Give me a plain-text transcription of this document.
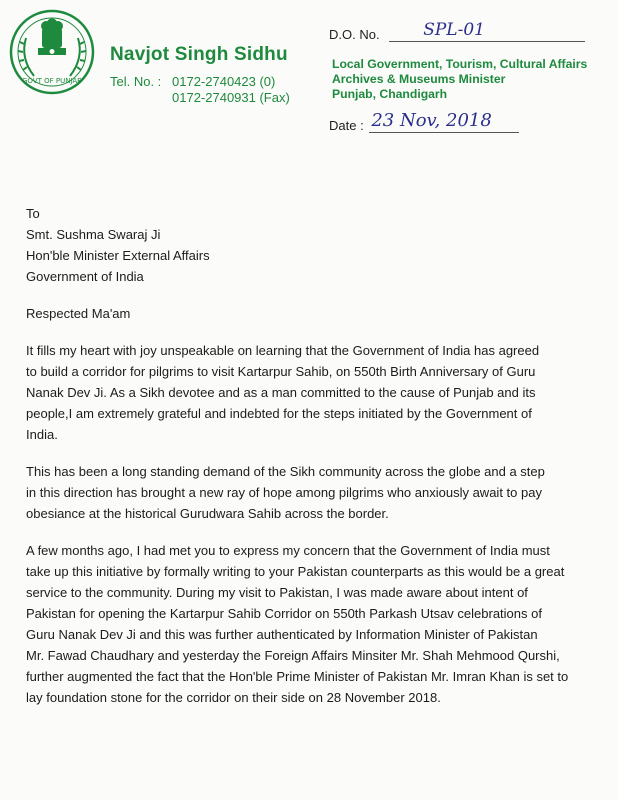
GOVT OF PUNJAB
Navjot Singh Sidhu
Tel. No. : 0172-2740423 (0)
0172-2740931 (Fax)
D.O. No.	SPL-01
Local Government, Tourism, Cultural Affairs
Archives & Museums Minister
Punjab, Chandigarh
Date : 23 Nov, 2018

To

Smt. Sushma Swaraj Ji
Hon'ble Minister External Affairs
Government of India

Respected Ma'am

It fills my heart with joy unspeakable on learning that the Government of India has agreed
to build a corridor for pilgrims to visit Kartarpur Sahib, on 550th Birth Anniversary of Guru
Nanak Dev Ji. As a Sikh devotee and as a man committed to the cause of Punjab and its
people,I am extremely grateful and indebted for the steps initiated by the Government of
India.

This has been a long standing demand of the Sikh community across the globe and a step
in this direction has brought a new ray of hope among pilgrims who anxiously await to pay
obesiance at the historical Gurudwara Sahib across the border.

A few months ago, I had met you to express my concern that the Government of India must
take up this initiative by formally writing to your Pakistan counterparts as this would be a great
service to the community. During my visit to Pakistan, I was made aware about intent of
Pakistan for opening the Kartarpur Sahib Corridor on 550th Parkash Utsav celebrations of
Guru Nanak Dev Ji and this was further authenticated by Information Minister of Pakistan
Mr. Fawad Chaudhary and yesterday the Foreign Affairs Minsiter Mr. Shah Mehmood Qurshi,
further augmented the fact that the Hon'ble Prime Minister of Pakistan Mr. Imran Khan is set to
lay foundation stone for the corridor on their side on 28 November 2018.
